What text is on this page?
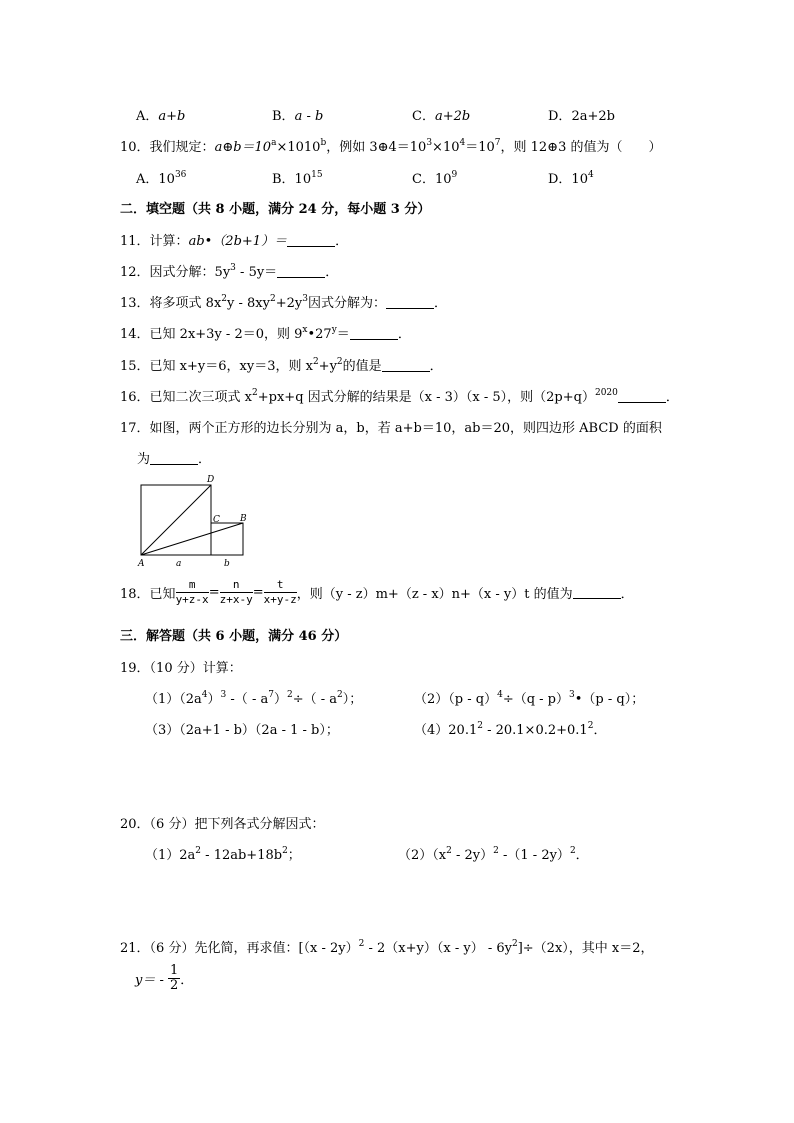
A．a+b	B．a - b	C．a+2b	D．2a+2b
10．我们规定：$a\oplus b=10^a\times 1010^b$，例如 $3\oplus 4=10^3\times 10^4=10^7$，则 12⊕3 的值为（　　）
A．$10^{36}$	B．$10^{15}$	C．$10^9$	D．$10^4$
二．填空题（共 8 小题，满分 24 分，每小题 3 分）
11．计算：ab•（2b+1）＝	．
12．因式分解：$5y^3 - 5y=$	．
13．将多项式 $8x^2y - 8xy^2+2y^3$因式分解为：	．
14．已知 2x+3y - 2＝0，则 $9^x•27^y=$	．
15．已知 x+y＝6，xy＝3，则 $x^2+y^2$的值是	．
16．已知二次三项式 $x^2+px+q$ 因式分解的结果是（x - 3）（x - 5），则$(2p+q)^{2020}$	．
17．如图，两个正方形的边长分别为 a，b，若 a+b＝10，ab＝20，则四边形 ABCD 的面积
为	．
D
C B
A	a	b
18．已知 $\frac{m}{y+z-x} = \frac{n}{z+x-y} = \frac{t}{x+y-z}$ ，则（y - z）m+（z - x）n+（x - y）t 的值为	．
三．解答题（共 6 小题，满分 46 分）
19．（10 分）计算：
$(1)(2a^4)^3$ -（ - $a^7)^2\div( - a^2)$；	（2）（p - q）$^4$÷（q - p）$^3$•（p - q）；
（3）（2a+1 - b）（2a - 1 - b）；	$(4)20.1^2 - 20.1\times 0.2+0.1^2$．
20．（6 分）把下列各式分解因式：
$(1)2a^2 - 12ab+18b^2$；	$(2)(x^2 - 2y)^2$ -（1 - 2y）$^2$．
21．（6 分）先化简，再求值：$[(x - 2y)^2 - 2(x+y)(x - y) - 6y^2]\div(2x)$，其中 x＝2，
$y= - \frac{1}{2}$ ．
